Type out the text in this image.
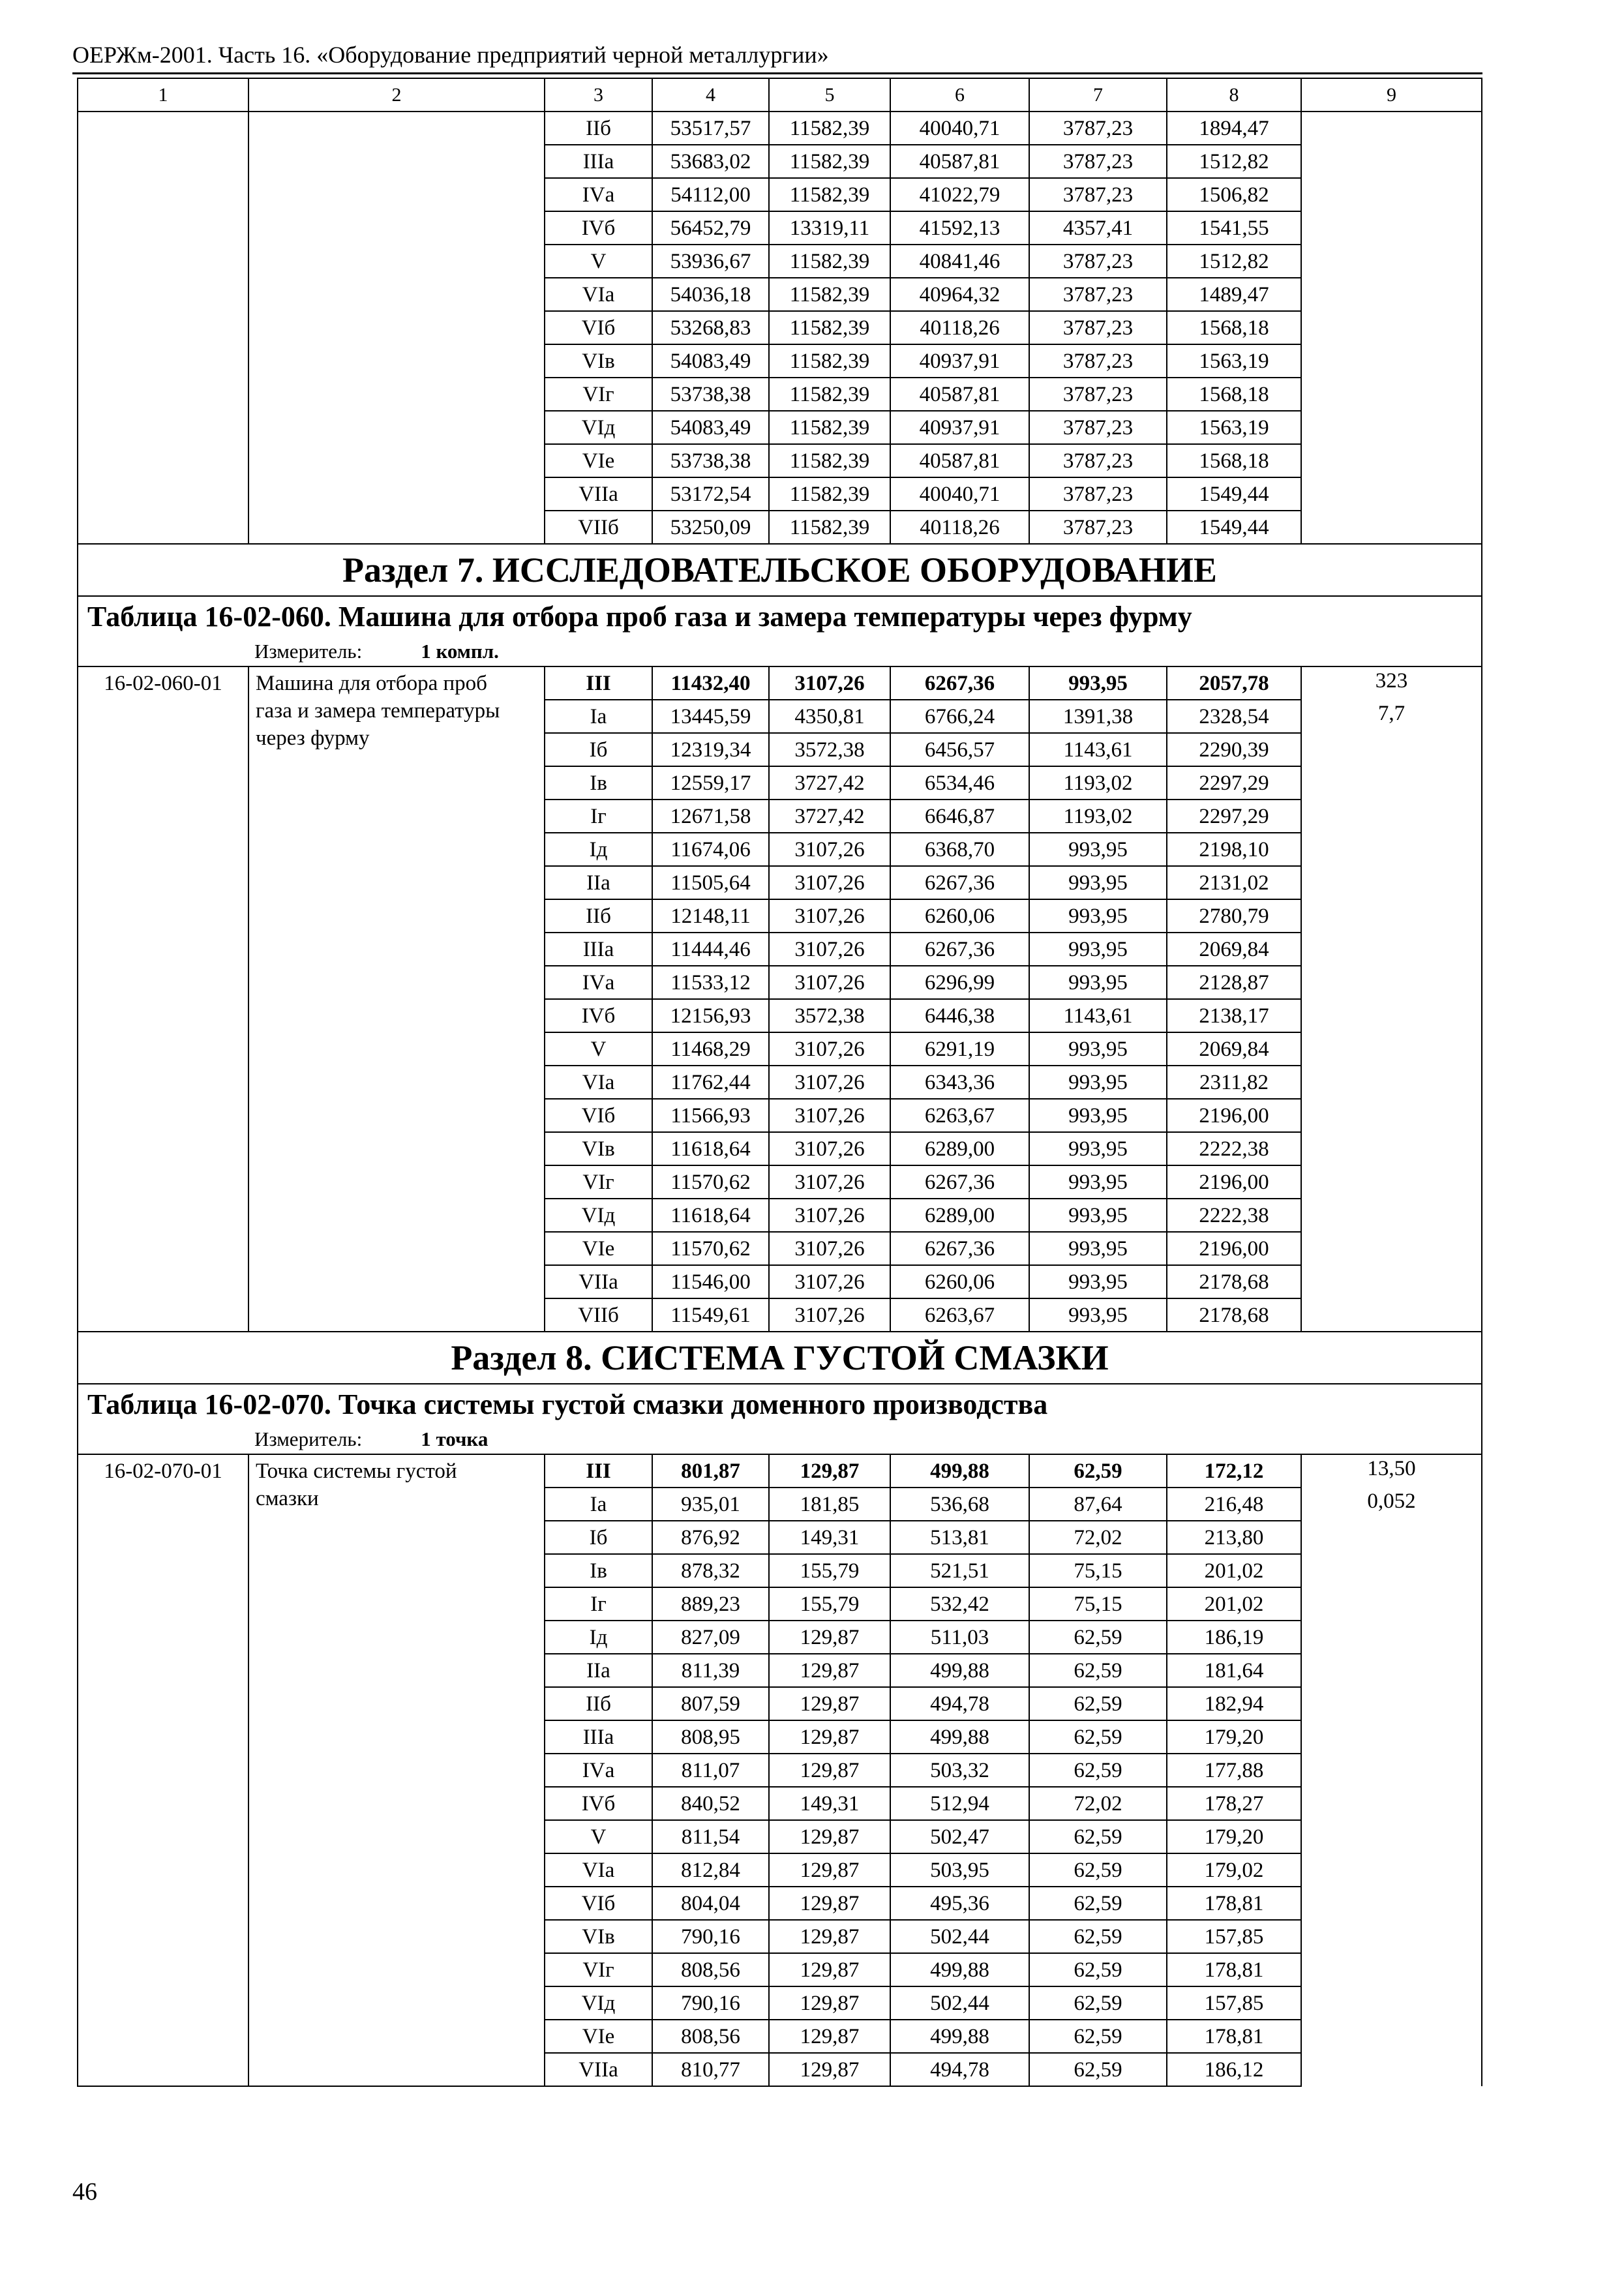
ОЕРЖм-2001. Часть 16. «Оборудование предприятий черной металлургии»
1	2	3	4	5	6	7	8	9
		IIб	53517,57	11582,39	40040,71	3787,23	1894,47	
		IIIа	53683,02	11582,39	40587,81	3787,23	1512,82	
		IVа	54112,00	11582,39	41022,79	3787,23	1506,82	
		IVб	56452,79	13319,11	41592,13	4357,41	1541,55	
		V	53936,67	11582,39	40841,46	3787,23	1512,82	
		VIа	54036,18	11582,39	40964,32	3787,23	1489,47	
		VIб	53268,83	11582,39	40118,26	3787,23	1568,18	
		VIв	54083,49	11582,39	40937,91	3787,23	1563,19	
		VIг	53738,38	11582,39	40587,81	3787,23	1568,18	
		VIд	54083,49	11582,39	40937,91	3787,23	1563,19	
		VIе	53738,38	11582,39	40587,81	3787,23	1568,18	
		VIIа	53172,54	11582,39	40040,71	3787,23	1549,44	
		VIIб	53250,09	11582,39	40118,26	3787,23	1549,44	
Раздел 7. ИССЛЕДОВАТЕЛЬСКОЕ ОБОРУДОВАНИЕ								
Таблица 16-02-060. Машина для отбора проб газа и замера температуры через фурму								
Измеритель: 1 компл.								
16-02-060-01	Машина для отбора проб
газа и замера температуры
через фурму	III	11432,40	3107,26	6267,36	993,95	2057,78	323
		Iа	13445,59	4350,81	6766,24	1391,38	2328,54	7,7
		Iб	12319,34	3572,38	6456,57	1143,61	2290,39	
		Iв	12559,17	3727,42	6534,46	1193,02	2297,29	
		Iг	12671,58	3727,42	6646,87	1193,02	2297,29	
		Iд	11674,06	3107,26	6368,70	993,95	2198,10	
		IIа	11505,64	3107,26	6267,36	993,95	2131,02	
		IIб	12148,11	3107,26	6260,06	993,95	2780,79	
		IIIа	11444,46	3107,26	6267,36	993,95	2069,84	
		IVа	11533,12	3107,26	6296,99	993,95	2128,87	
		IVб	12156,93	3572,38	6446,38	1143,61	2138,17	
		V	11468,29	3107,26	6291,19	993,95	2069,84	
		VIа	11762,44	3107,26	6343,36	993,95	2311,82	
		VIб	11566,93	3107,26	6263,67	993,95	2196,00	
		VIв	11618,64	3107,26	6289,00	993,95	2222,38	
		VIг	11570,62	3107,26	6267,36	993,95	2196,00	
		VIд	11618,64	3107,26	6289,00	993,95	2222,38	
		VIе	11570,62	3107,26	6267,36	993,95	2196,00	
		VIIа	11546,00	3107,26	6260,06	993,95	2178,68	
		VIIб	11549,61	3107,26	6263,67	993,95	2178,68	
Раздел 8. СИСТЕМА ГУСТОЙ СМАЗКИ								
Таблица 16-02-070. Точка системы густой смазки доменного производства								
Измеритель: 1 точка								
16-02-070-01	Точка системы густой
смазки	III	801,87	129,87	499,88	62,59	172,12	13,50
		Iа	935,01	181,85	536,68	87,64	216,48	0,052
		Iб	876,92	149,31	513,81	72,02	213,80	
		Iв	878,32	155,79	521,51	75,15	201,02	
		Iг	889,23	155,79	532,42	75,15	201,02	
		Iд	827,09	129,87	511,03	62,59	186,19	
		IIа	811,39	129,87	499,88	62,59	181,64	
		IIб	807,59	129,87	494,78	62,59	182,94	
		IIIа	808,95	129,87	499,88	62,59	179,20	
		IVа	811,07	129,87	503,32	62,59	177,88	
		IVб	840,52	149,31	512,94	72,02	178,27	
		V	811,54	129,87	502,47	62,59	179,20	
		VIа	812,84	129,87	503,95	62,59	179,02	
		VIб	804,04	129,87	495,36	62,59	178,81	
		VIв	790,16	129,87	502,44	62,59	157,85	
		VIг	808,56	129,87	499,88	62,59	178,81	
		VIд	790,16	129,87	502,44	62,59	157,85	
		VIе	808,56	129,87	499,88	62,59	178,81	
		VIIа	810,77	129,87	494,78	62,59	186,12	
46
